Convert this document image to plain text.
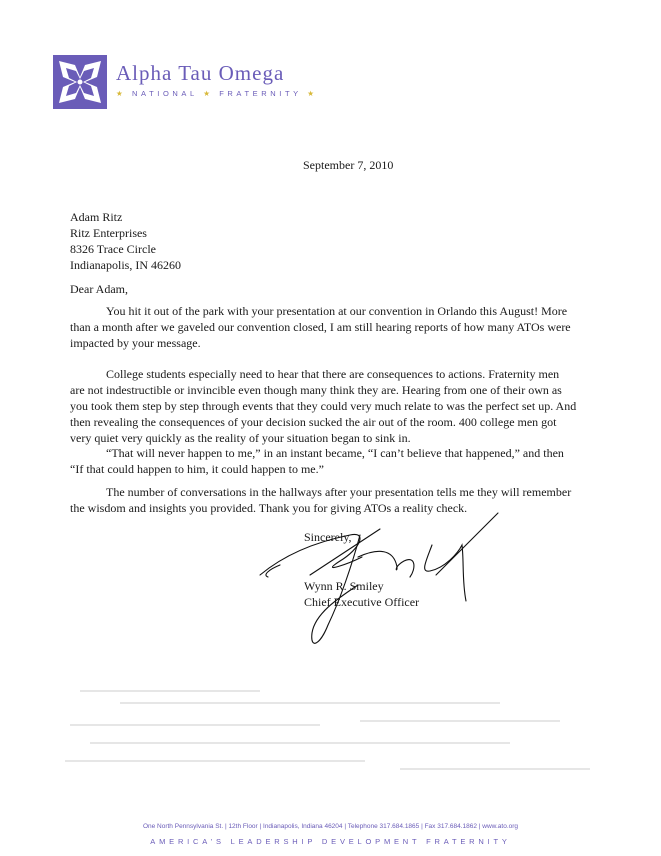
Alpha Tau Omega
★ NATIONAL ★ FRATERNITY ★
September 7, 2010
Adam Ritz
Ritz Enterprises
8326 Trace Circle
Indianapolis, IN 46260
Dear Adam,
You hit it out of the park with your presentation at our convention in Orlando this August! More
than a month after we gaveled our convention closed, I am still hearing reports of how many ATOs were
impacted by your message.
College students especially need to hear that there are consequences to actions. Fraternity men
are not indestructible or invincible even though many think they are. Hearing from one of their own as
you took them step by step through events that they could very much relate to was the perfect set up. And
then revealing the consequences of your decision sucked the air out of the room. 400 college men got
very quiet very quickly as the reality of your situation began to sink in.
“That will never happen to me,” in an instant became, “I can’t believe that happened,” and then
“If that could happen to him, it could happen to me.”
The number of conversations in the hallways after your presentation tells me they will remember
the wisdom and insights you provided. Thank you for giving ATOs a reality check.
Sincerely,
Wynn R. Smiley
Chief Executive Officer
One North Pennsylvania St. | 12th Floor | Indianapolis, Indiana 46204 | Telephone 317.684.1865 | Fax 317.684.1862 | www.ato.org
AMERICA’S LEADERSHIP DEVELOPMENT FRATERNITY
